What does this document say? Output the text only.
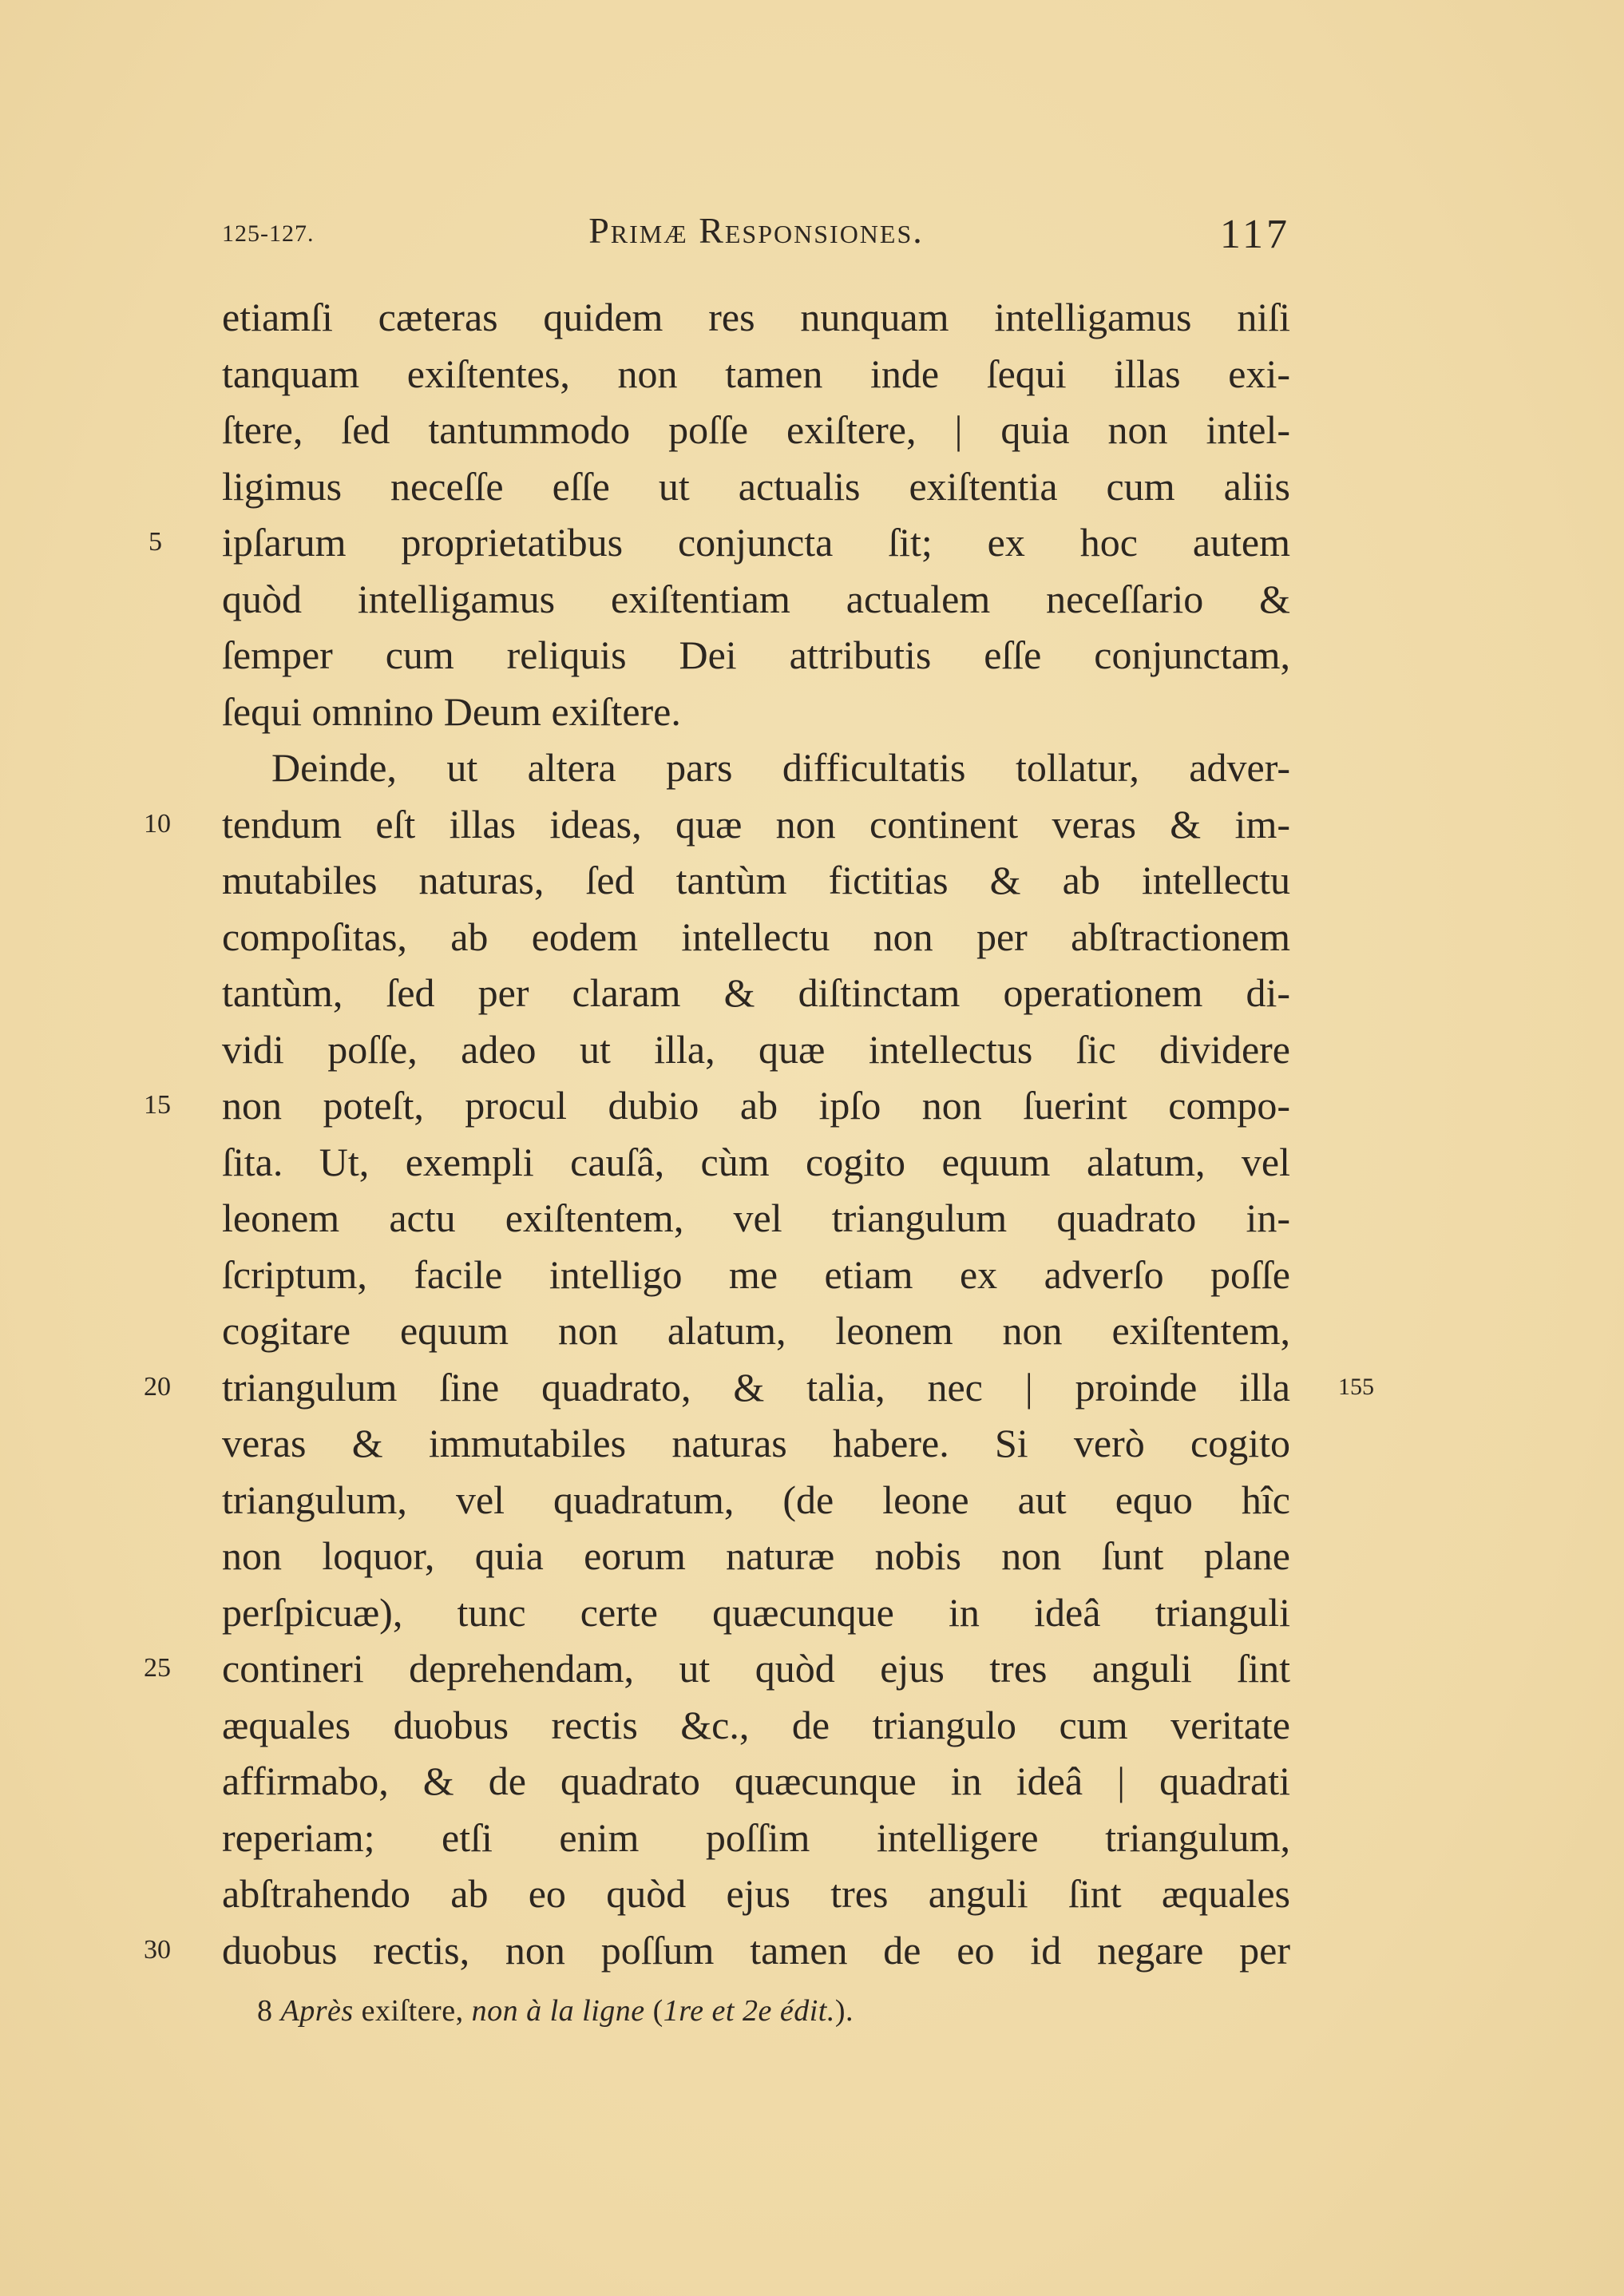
125-127.	Primæ Responsiones.	117
5
10
15
20
25
30
155
etiamſi cæteras quidem res nunquam intelligamus niſi
tanquam exiſtentes, non tamen inde ſequi illas exi-
ſtere, ſed tantummodo poſſe exiſtere, | quia non intel-
ligimus neceſſe eſſe ut actualis exiſtentia cum aliis
ipſarum proprietatibus conjuncta ſit; ex hoc autem
quòd intelligamus exiſtentiam actualem neceſſario &
ſemper cum reliquis Dei attributis eſſe conjunctam,
ſequi omnino Deum exiſtere.
Deinde, ut altera pars difficultatis tollatur, adver-
tendum eſt illas ideas, quæ non continent veras & im-
mutabiles naturas, ſed tantùm fictitias & ab intellectu
compoſitas, ab eodem intellectu non per abſtractionem
tantùm, ſed per claram & diſtinctam operationem di-
vidi poſſe, adeo ut illa, quæ intellectus ſic dividere
non poteſt, procul dubio ab ipſo non ſuerint compo-
ſita. Ut, exempli cauſâ, cùm cogito equum alatum, vel
leonem actu exiſtentem, vel triangulum quadrato in-
ſcriptum, facile intelligo me etiam ex adverſo poſſe
cogitare equum non alatum, leonem non exiſtentem,
triangulum ſine quadrato, & talia, nec | proinde illa
veras & immutabiles naturas habere. Si verò cogito
triangulum, vel quadratum, (de leone aut equo hîc
non loquor, quia eorum naturæ nobis non ſunt plane
perſpicuæ), tunc certe quæcunque in ideâ trianguli
contineri deprehendam, ut quòd ejus tres anguli ſint
æquales duobus rectis &c., de triangulo cum veritate
affirmabo, & de quadrato quæcunque in ideâ | quadrati
reperiam; etſi enim poſſim intelligere triangulum,
abſtrahendo ab eo quòd ejus tres anguli ſint æquales
duobus rectis, non poſſum tamen de eo id negare per
8 Après exiſtere, non à la ligne (1re et 2e édit.).
